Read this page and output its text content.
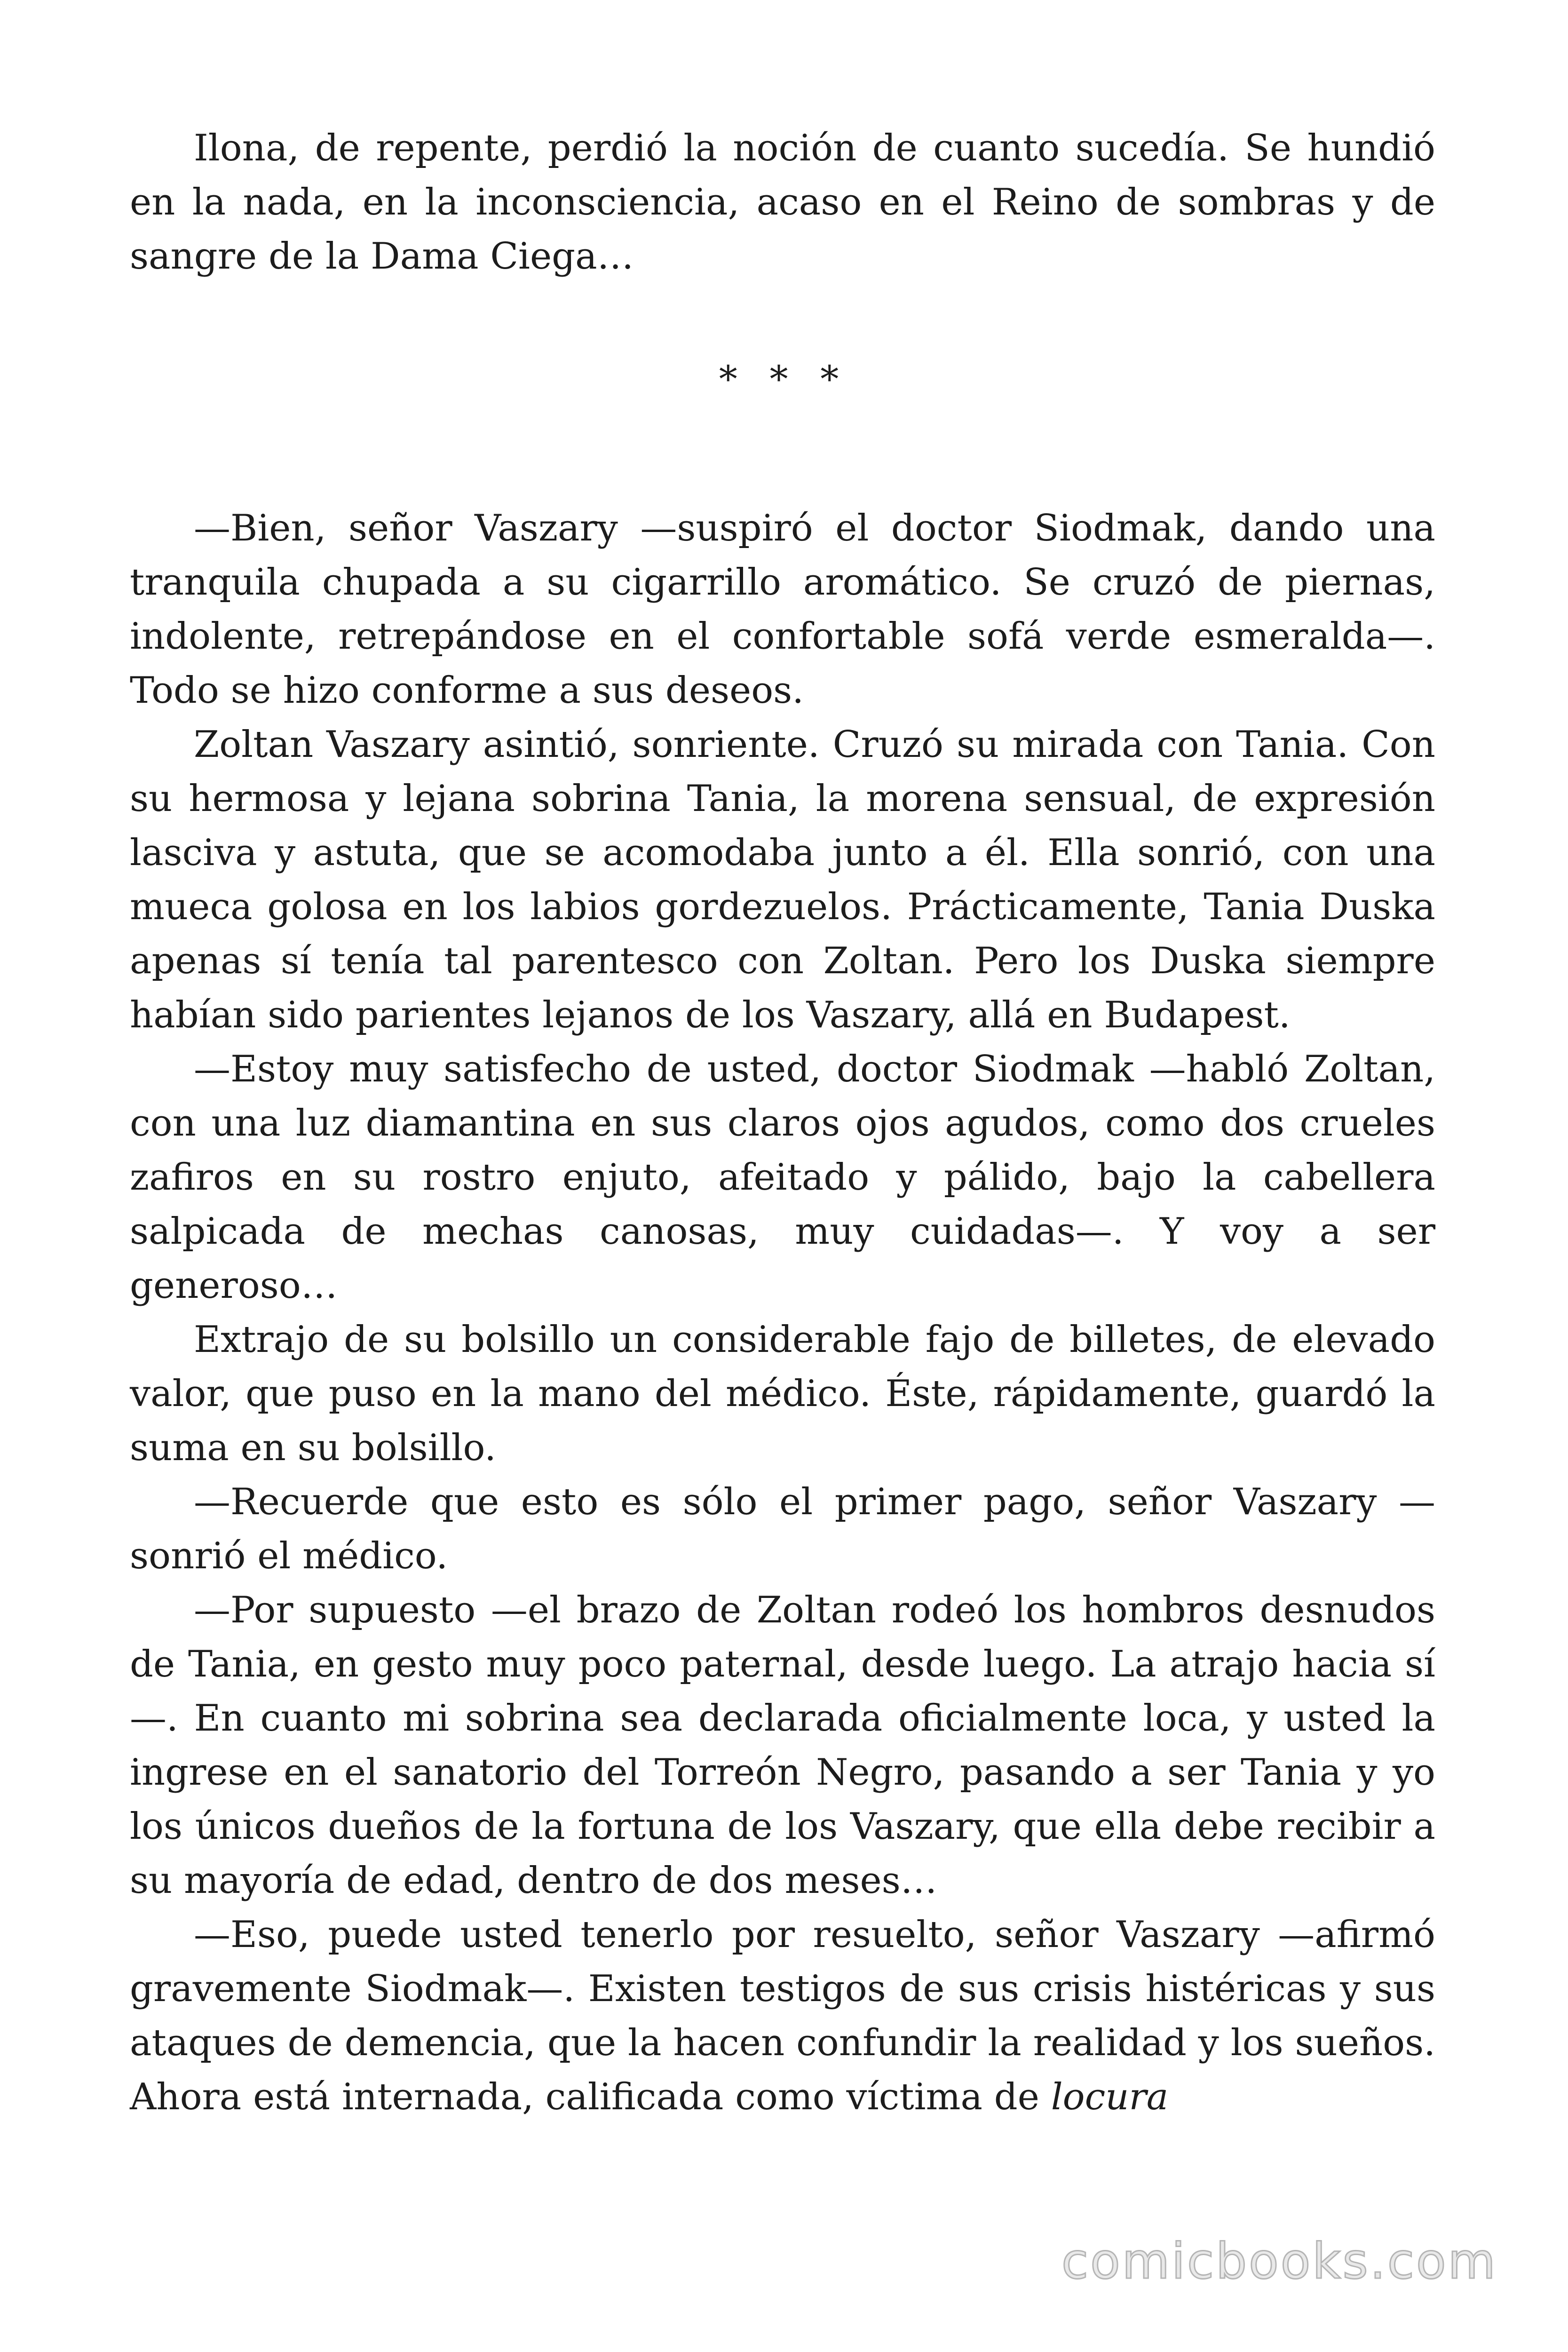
Ilona, de repente, perdió la noción de cuanto sucedía. Se hundió en la nada, en la inconsciencia, acaso en el Reino de sombras y de sangre de la Dama Ciega…

* * *

—Bien, señor Vaszary —suspiró el doctor Siodmak, dando una tranquila chupada a su cigarrillo aromático. Se cruzó de piernas, indolente, retrepándose en el confortable sofá verde esmeralda—. Todo se hizo conforme a sus deseos.

Zoltan Vaszary asintió, sonriente. Cruzó su mirada con Tania. Con su hermosa y lejana sobrina Tania, la morena sensual, de expresión lasciva y astuta, que se acomodaba junto a él. Ella sonrió, con una mueca golosa en los labios gordezuelos. Prácticamente, Tania Duska apenas sí tenía tal parentesco con Zoltan. Pero los Duska siempre habían sido parientes lejanos de los Vaszary, allá en Budapest.

—Estoy muy satisfecho de usted, doctor Siodmak —habló Zoltan, con una luz diamantina en sus claros ojos agudos, como dos crueles zafiros en su rostro enjuto, afeitado y pálido, bajo la cabellera salpicada de mechas canosas, muy cuidadas—. Y voy a ser generoso…

Extrajo de su bolsillo un considerable fajo de billetes, de elevado valor, que puso en la mano del médico. Éste, rápidamente, guardó la suma en su bolsillo.

—Recuerde que esto es sólo el primer pago, señor Vaszary —sonrió el médico.

—Por supuesto —el brazo de Zoltan rodeó los hombros desnudos de Tania, en gesto muy poco paternal, desde luego. La atrajo hacia sí—. En cuanto mi sobrina sea declarada oficialmente loca, y usted la ingrese en el sanatorio del Torreón Negro, pasando a ser Tania y yo los únicos dueños de la fortuna de los Vaszary, que ella debe recibir a su mayoría de edad, dentro de dos meses…

—Eso, puede usted tenerlo por resuelto, señor Vaszary —afirmó gravemente Siodmak—. Existen testigos de sus crisis histéricas y sus ataques de demencia, que la hacen confundir la realidad y los sueños. Ahora está internada, calificada como víctima de locura

comicbooks.com
